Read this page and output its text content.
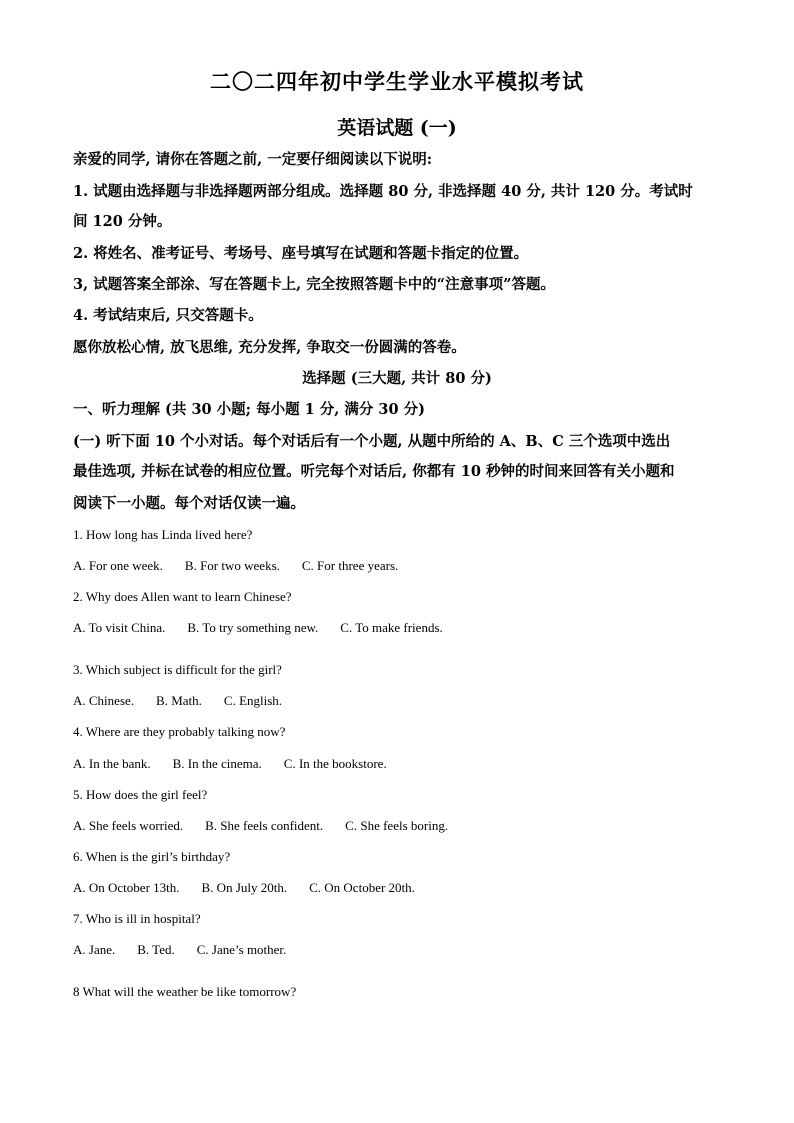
二〇二四年初中学生学业水平模拟考试
英语试题 (一)
亲爱的同学, 请你在答题之前, 一定要仔细阅读以下说明:
1. 试题由选择题与非选择题两部分组成。选择题 80 分, 非选择题 40 分, 共计 120 分。考试时
间 120 分钟。
2. 将姓名、准考证号、考场号、座号填写在试题和答题卡指定的位置。
3, 试题答案全部涂、写在答题卡上, 完全按照答题卡中的“注意事项”答题。
4. 考试结束后, 只交答题卡。
愿你放松心情, 放飞思维, 充分发挥, 争取交一份圆满的答卷。
选择题 (三大题, 共计 80 分)
一、听力理解 (共 30 小题; 每小题 1 分, 满分 30 分)
(一) 听下面 10 个小对话。每个对话后有一个小题, 从题中所给的 A、B、C 三个选项中选出
最佳选项, 并标在试卷的相应位置。听完每个对话后, 你都有 10 秒钟的时间来回答有关小题和
阅读下一小题。每个对话仅读一遍。
1. How long has Linda lived here?
A. For one week. B. For two weeks. C. For three years.
2. Why does Allen want to learn Chinese?
A. To visit China. B. To try something new. C. To make friends.
3. Which subject is difficult for the girl?
A. Chinese. B. Math. C. English.
4. Where are they probably talking now?
A. In the bank. B. In the cinema. C. In the bookstore.
5. How does the girl feel?
A. She feels worried. B. She feels confident. C. She feels boring.
6. When is the girl’s birthday?
A. On October 13th. B. On July 20th. C. On October 20th.
7. Who is ill in hospital?
A. Jane. B. Ted. C. Jane’s mother.
8 What will the weather be like tomorrow?
